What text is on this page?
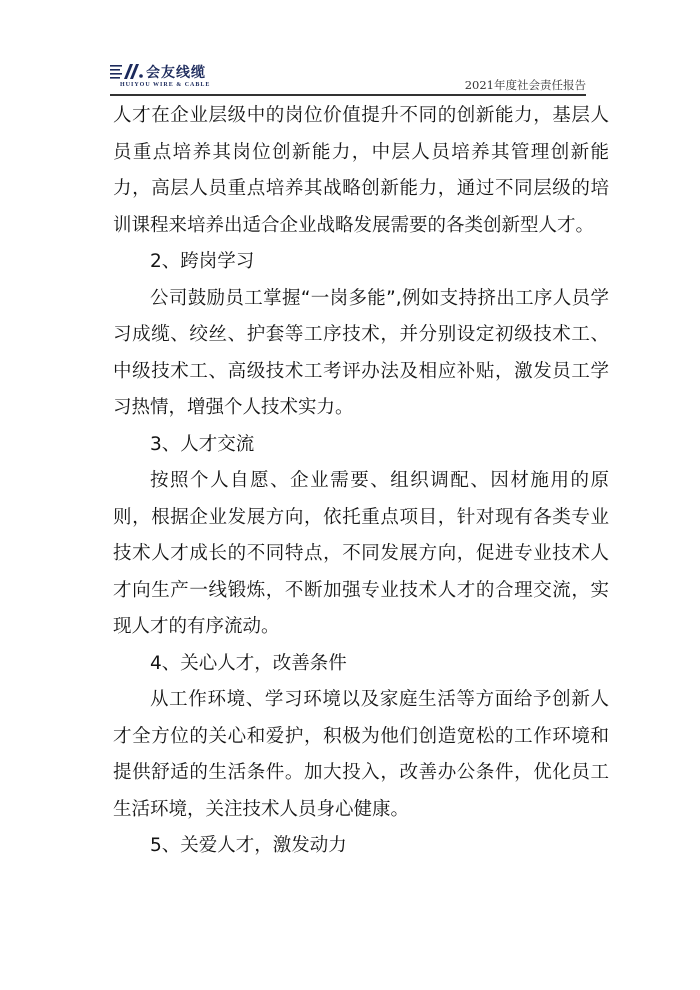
会友线缆
HUIYOU WIRE & CABLE	2021年度社会责任报告

人才在企业层级中的岗位价值提升不同的创新能力，基层人员重点培养其岗位创新能力，中层人员培养其管理创新能力，高层人员重点培养其战略创新能力，通过不同层级的培训课程来培养出适合企业战略发展需要的各类创新型人才。

2、跨岗学习

公司鼓励员工掌握“一岗多能”,例如支持挤出工序人员学习成缆、绞丝、护套等工序技术，并分别设定初级技术工、中级技术工、高级技术工考评办法及相应补贴，激发员工学习热情，增强个人技术实力。

3、人才交流

按照个人自愿、企业需要、组织调配、因材施用的原则，根据企业发展方向，依托重点项目，针对现有各类专业技术人才成长的不同特点，不同发展方向，促进专业技术人才向生产一线锻炼，不断加强专业技术人才的合理交流，实现人才的有序流动。

4、关心人才，改善条件

从工作环境、学习环境以及家庭生活等方面给予创新人才全方位的关心和爱护，积极为他们创造宽松的工作环境和提供舒适的生活条件。加大投入，改善办公条件，优化员工生活环境，关注技术人员身心健康。

5、关爱人才，激发动力
